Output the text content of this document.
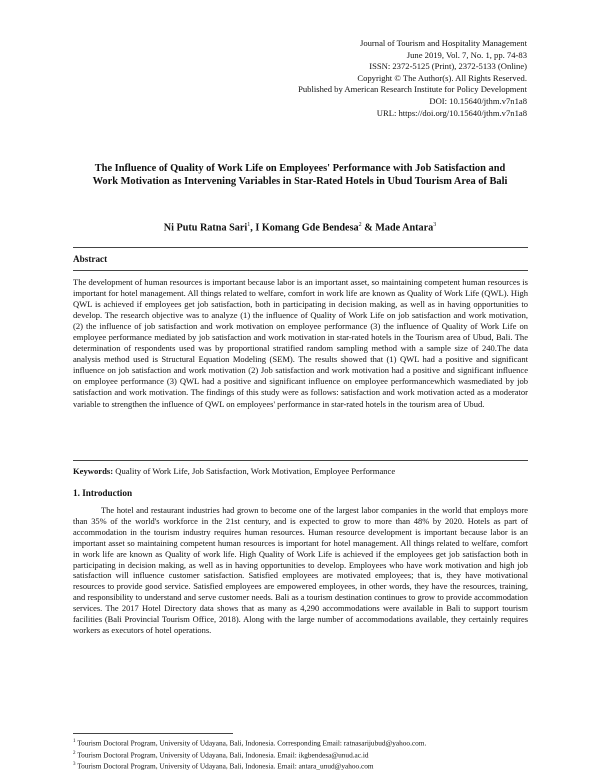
Journal of Tourism and Hospitality Management
June 2019, Vol. 7, No. 1, pp. 74-83
ISSN: 2372-5125 (Print), 2372-5133 (Online)
Copyright © The Author(s). All Rights Reserved.
Published by American Research Institute for Policy Development
DOI: 10.15640/jthm.v7n1a8
URL: https://doi.org/10.15640/jthm.v7n1a8
The Influence of Quality of Work Life on Employees' Performance with Job Satisfaction and Work Motivation as Intervening Variables in Star-Rated Hotels in Ubud Tourism Area of Bali
Ni Putu Ratna Sari$^1$, I Komang Gde Bendesa$^2$ & Made Antara$^3$
Abstract

The development of human resources is important because labor is an important asset, so maintaining competent human resources is important for hotel management. All things related to welfare, comfort in work life are known as Quality of Work Life (QWL). High QWL is achieved if employees get job satisfaction, both in participating in decision making, as well as in having opportunities to develop. The research objective was to analyze (1) the influence of Quality of Work Life on job satisfaction and work motivation, (2) the influence of job satisfaction and work motivation on employee performance (3) the influence of Quality of Work Life on employee performance mediated by job satisfaction and work motivation in star-rated hotels in the Tourism area of Ubud, Bali. The determination of respondents used was by proportional stratified random sampling method with a sample size of 240.The data analysis method used is Structural Equation Modeling (SEM). The results showed that (1) QWL had a positive and significant influence on job satisfaction and work motivation (2) Job satisfaction and work motivation had a positive and significant influence on employee performance (3) QWL had a positive and significant influence on employee performancewhich wasmediated by job satisfaction and work motivation. The findings of this study were as follows: satisfaction and work motivation acted as a moderator variable to strengthen the influence of QWL on employees' performance in star-rated hotels in the tourism area of Ubud.

Keywords: Quality of Work Life, Job Satisfaction, Work Motivation, Employee Performance
1. Introduction

The hotel and restaurant industries had grown to become one of the largest labor companies in the world that employs more than 35% of the world's workforce in the 21st century, and is expected to grow to more than 48% by 2020. Hotels as part of accommodation in the tourism industry requires human resources. Human resource development is important because labor is an important asset so maintaining competent human resources is important for hotel management. All things related to welfare, comfort in work life are known as Quality of work life. High Quality of Work Life is achieved if the employees get job satisfaction both in participating in decision making, as well as in having opportunities to develop. Employees who have work motivation and high job satisfaction will influence customer satisfaction. Satisfied employees are motivated employees; that is, they have motivational resources to provide good service. Satisfied employees are empowered employees, in other words, they have the resources, training, and responsibility to understand and serve customer needs. Bali as a tourism destination continues to grow to provide accommodation services. The 2017 Hotel Directory data shows that as many as 4,290 accommodations were available in Bali to support tourism facilities (Bali Provincial Tourism Office, 2018). Along with the large number of accommodations available, they certainly requires workers as executors of hotel operations.

$^1$ Tourism Doctoral Program, University of Udayana, Bali, Indonesia. Corresponding Email: ratnasarijubud@yahoo.com.
$^2$ Tourism Doctoral Program, University of Udayana, Bali, Indonesia. Email: ikgbendesa@unud.ac.id
$^3$ Tourism Doctoral Program, University of Udayana, Bali, Indonesia. Email: antara_unud@yahoo.com
